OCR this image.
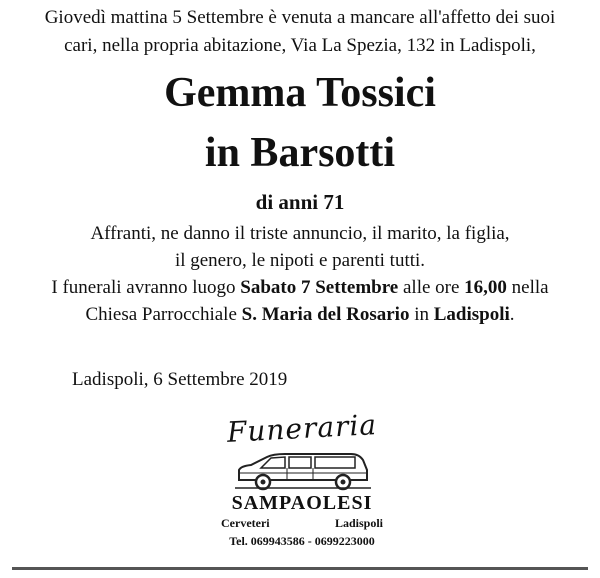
Giovedì mattina 5 Settembre è venuta a mancare all'affetto dei suoi
cari, nella propria abitazione, Via La Spezia, 132 in Ladispoli,
Gemma Tossici
in Barsotti
di anni 71
Affranti, ne danno il triste annuncio, il marito, la figlia,
il genero, le nipoti e parenti tutti.
I funerali avranno luogo Sabato 7 Settembre alle ore 16,00 nella
Chiesa Parrocchiale S. Maria del Rosario in Ladispoli.
Ladispoli, 6 Settembre 2019
Funeraria
SAMPAOLESI
Cerveteri	Ladispoli
Tel. 069943586 - 0699223000
